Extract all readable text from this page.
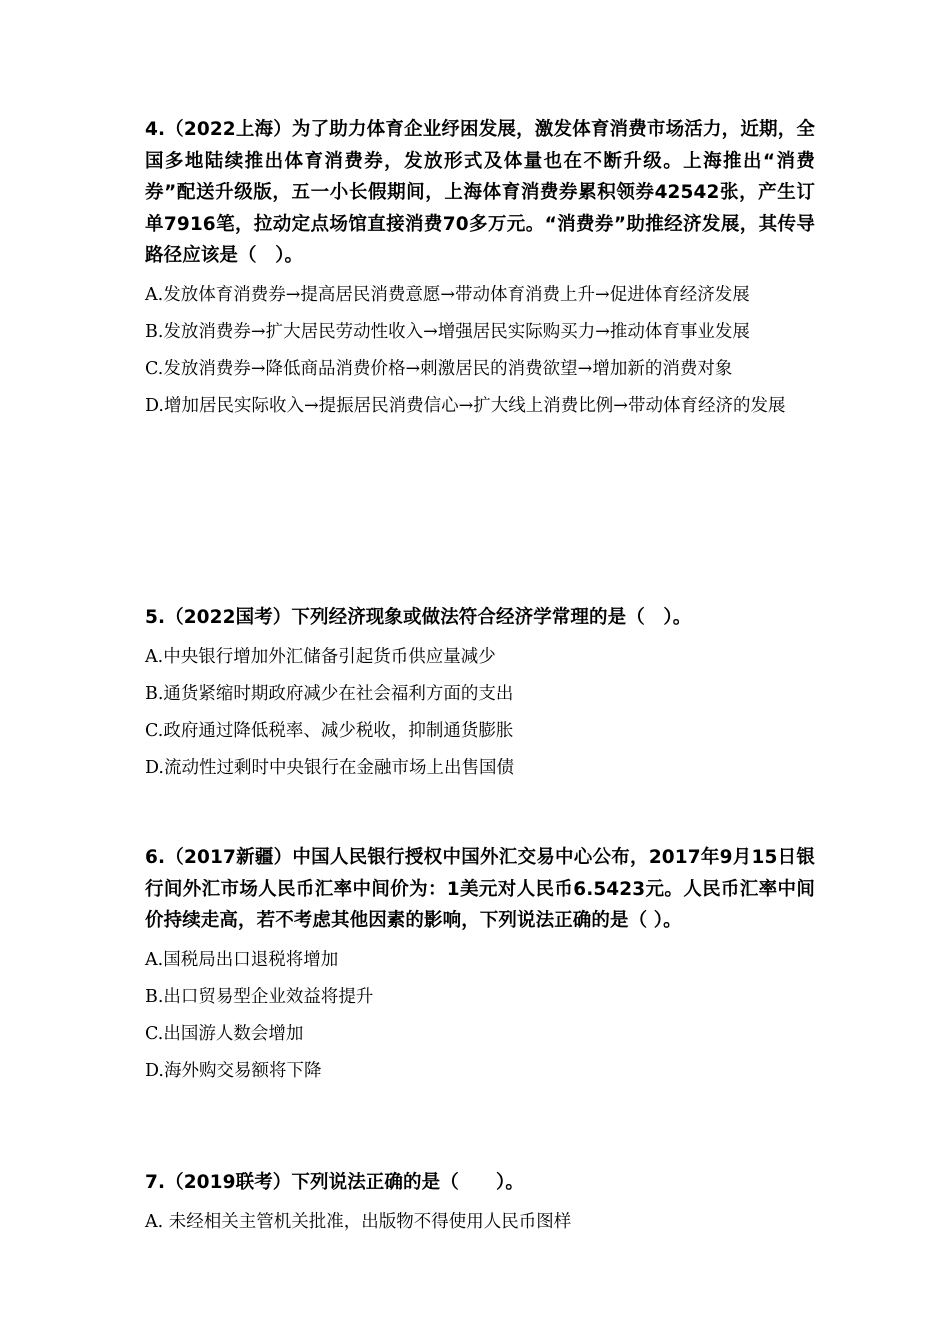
4.（2022上海）为了助力体育企业纾困发展，激发体育消费市场活力，近期，全国多地陆续推出体育消费券，发放形式及体量也在不断升级。上海推出“消费券”配送升级版，五一小长假期间，上海体育消费券累积领券42542张，产生订单7916笔，拉动定点场馆直接消费70多万元。“消费券”助推经济发展，其传导路径应该是（　）。

A.发放体育消费券→提高居民消费意愿→带动体育消费上升→促进体育经济发展

B.发放消费券→扩大居民劳动性收入→增强居民实际购买力→推动体育事业发展

C.发放消费券→降低商品消费价格→刺激居民的消费欲望→增加新的消费对象

D.增加居民实际收入→提振居民消费信心→扩大线上消费比例→带动体育经济的发展

5.（2022国考）下列经济现象或做法符合经济学常理的是（　）。

A.中央银行增加外汇储备引起货币供应量减少

B.通货紧缩时期政府减少在社会福利方面的支出

C.政府通过降低税率、减少税收，抑制通货膨胀

D.流动性过剩时中央银行在金融市场上出售国债

6.（2017新疆）中国人民银行授权中国外汇交易中心公布，2017年9月15日银行间外汇市场人民币汇率中间价为：1美元对人民币6.5423元。人民币汇率中间价持续走高，若不考虑其他因素的影响，下列说法正确的是（ ）。

A.国税局出口退税将增加

B.出口贸易型企业效益将提升

C.出国游人数会增加

D.海外购交易额将下降

7.（2019联考）下列说法正确的是（　　）。

A. 未经相关主管机关批准，出版物不得使用人民币图样
